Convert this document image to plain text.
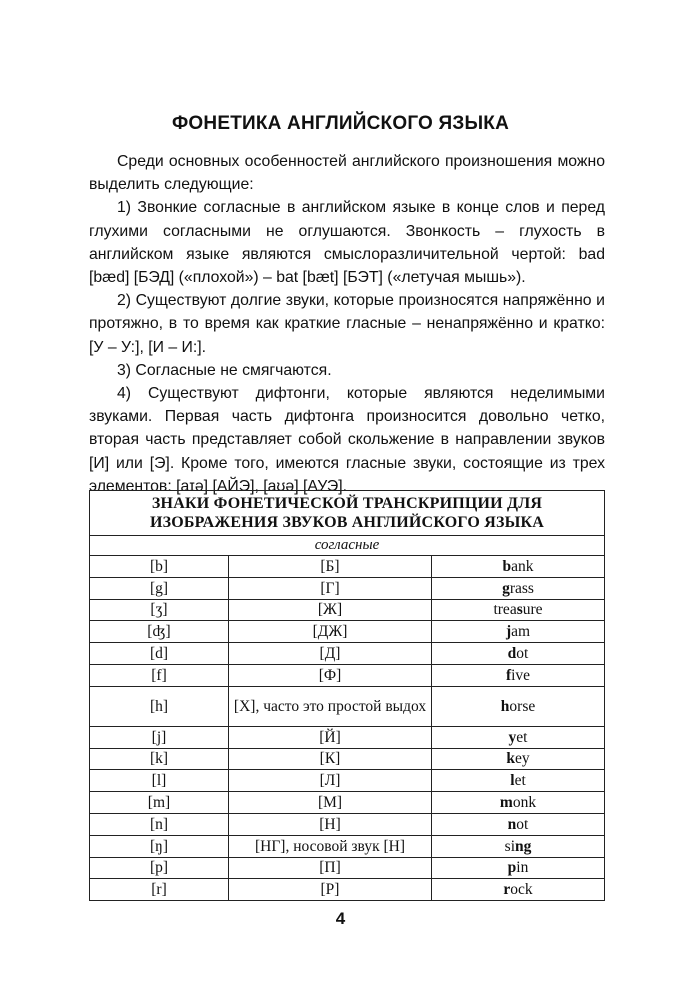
ФОНЕТИКА АНГЛИЙСКОГО ЯЗЫКА

Среди основных особенностей английского произношения можно выделить следующие:

1) Звонкие согласные в английском языке в конце слов и перед глухими согласными не оглушаются. Звонкость – глухость в английском языке являются смыслоразличительной чертой: bad [bæd] [БЭД] («плохой») – bat [bæt] [БЭТ] («летучая мышь»).

2) Существуют долгие звуки, которые произносятся напряжённо и протяжно, в то время как краткие гласные – ненапряжённо и кратко: [У – У:], [И – И:].

3) Согласные не смягчаются.

4) Существуют дифтонги, которые являются неделимыми звуками. Первая часть дифтонга произносится довольно четко, вторая часть представляет собой скольжение в направлении звуков [И] или [Э]. Кроме того, имеются гласные звуки, состоящие из трех элементов: [aɪə] [АЙЭ], [aʊə] [АУЭ].

ЗНАКИ ФОНЕТИЧЕСКОЙ ТРАНСКРИПЦИИ ДЛЯ
ИЗОБРАЖЕНИЯ ЗВУКОВ АНГЛИЙСКОГО ЯЗЫКА		
согласные		
[b]	[Б]	bank
[g]	[Г]	grass
[ʒ]	[Ж]	treasure
[ʤ]	[ДЖ]	jam
[d]	[Д]	dot
[f]	[Ф]	five
[h]	[Х], часто это простой выдох	horse
[j]	[Й]	yet
[k]	[К]	key
[l]	[Л]	let
[m]	[М]	monk
[n]	[Н]	not
[ŋ]	[НГ], носовой звук [Н]	sing
[p]	[П]	pin
[r]	[Р]	rock
4
